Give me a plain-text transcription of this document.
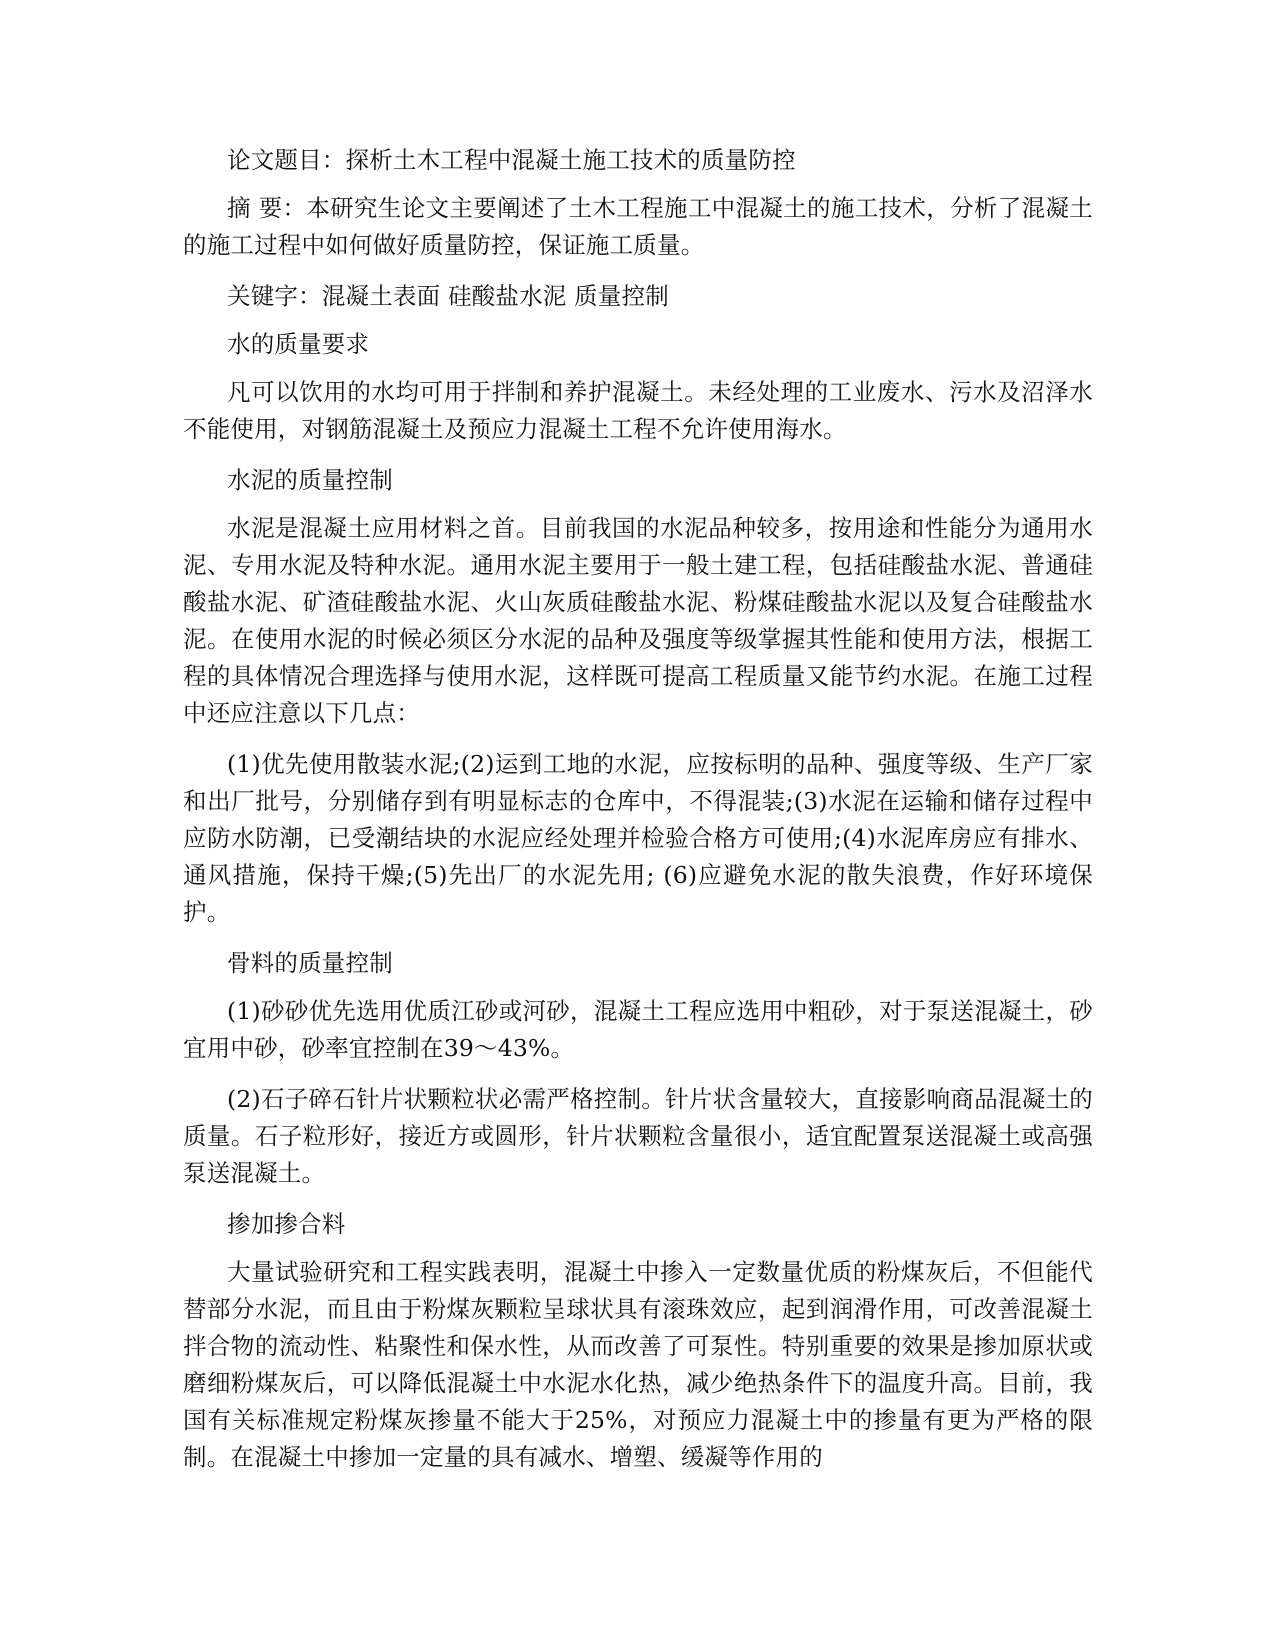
论文题目：探析土木工程中混凝土施工技术的质量防控

摘 要：本研究生论文主要阐述了土木工程施工中混凝土的施工技术，分析了混凝土的施工过程中如何做好质量防控，保证施工质量。

关键字：混凝土表面 硅酸盐水泥 质量控制

水的质量要求

凡可以饮用的水均可用于拌制和养护混凝土。未经处理的工业废水、污水及沼泽水不能使用，对钢筋混凝土及预应力混凝土工程不允许使用海水。

水泥的质量控制

水泥是混凝土应用材料之首。目前我国的水泥品种较多，按用途和性能分为通用水泥、专用水泥及特种水泥。通用水泥主要用于一般土建工程，包括硅酸盐水泥、普通硅酸盐水泥、矿渣硅酸盐水泥、火山灰质硅酸盐水泥、粉煤硅酸盐水泥以及复合硅酸盐水泥。在使用水泥的时候必须区分水泥的品种及强度等级掌握其性能和使用方法，根据工程的具体情况合理选择与使用水泥，这样既可提高工程质量又能节约水泥。在施工过程中还应注意以下几点：

(1)优先使用散装水泥;(2)运到工地的水泥，应按标明的品种、强度等级、生产厂家和出厂批号，分别储存到有明显标志的仓库中，不得混装;(3)水泥在运输和储存过程中应防水防潮，已受潮结块的水泥应经处理并检验合格方可使用;(4)水泥库房应有排水、通风措施，保持干燥;(5)先出厂的水泥先用; (6)应避免水泥的散失浪费，作好环境保护。

骨料的质量控制

(1)砂砂优先选用优质江砂或河砂，混凝土工程应选用中粗砂，对于泵送混凝土，砂宜用中砂，砂率宜控制在39～43%。

(2)石子碎石针片状颗粒状必需严格控制。针片状含量较大，直接影响商品混凝土的质量。石子粒形好，接近方或圆形，针片状颗粒含量很小，适宜配置泵送混凝土或高强泵送混凝土。

掺加掺合料

大量试验研究和工程实践表明，混凝土中掺入一定数量优质的粉煤灰后，不但能代替部分水泥，而且由于粉煤灰颗粒呈球状具有滚珠效应，起到润滑作用，可改善混凝土拌合物的流动性、粘聚性和保水性，从而改善了可泵性。特别重要的效果是掺加原状或磨细粉煤灰后，可以降低混凝土中水泥水化热，减少绝热条件下的温度升高。目前，我国有关标准规定粉煤灰掺量不能大于25%，对预应力混凝土中的掺量有更为严格的限制。在混凝土中掺加一定量的具有减水、增塑、缓凝等作用的
